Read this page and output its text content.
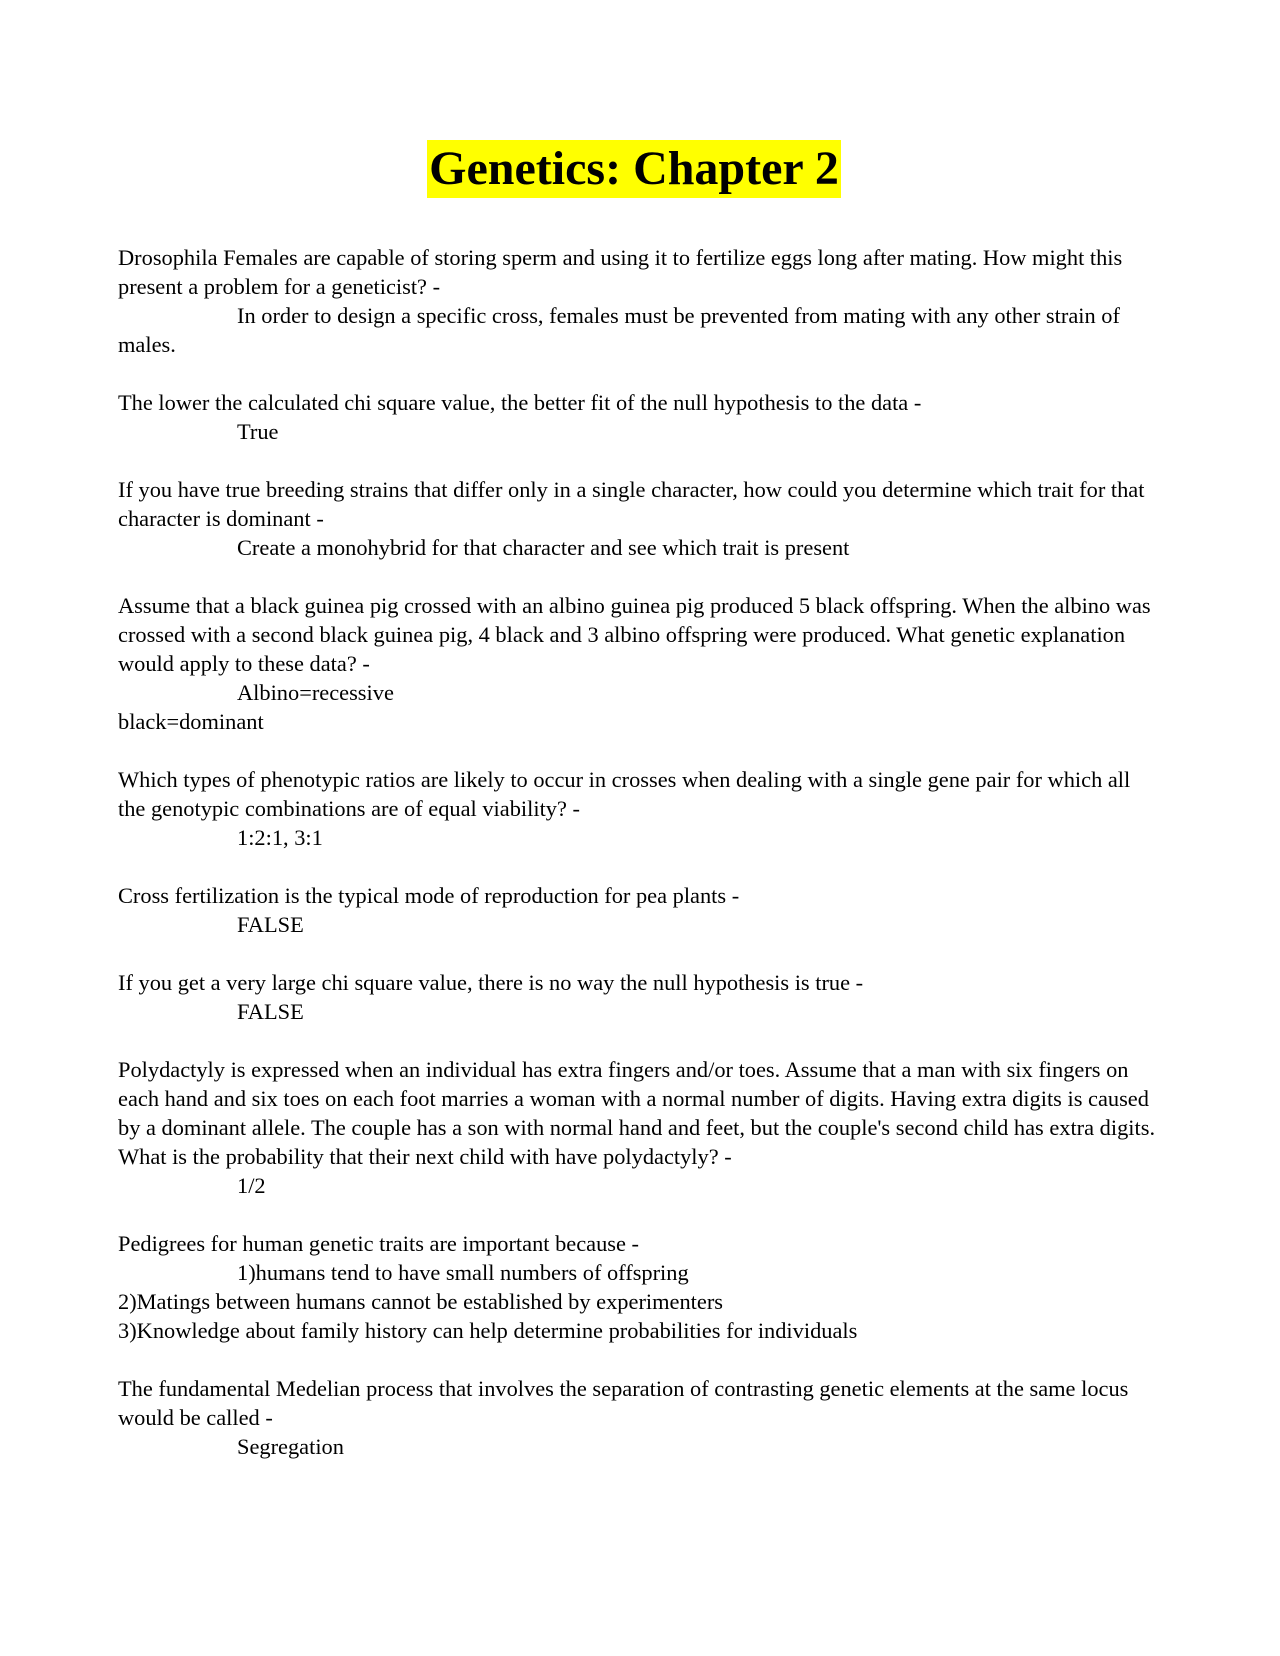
Genetics: Chapter 2
Drosophila Females are capable of storing sperm and using it to fertilize eggs long after mating. How might this present a problem for a geneticist? -
In order to design a specific cross, females must be prevented from mating with any other strain of males.
The lower the calculated chi square value, the better fit of the null hypothesis to the data -
True
If you have true breeding strains that differ only in a single character, how could you determine which trait for that character is dominant -
Create a monohybrid for that character and see which trait is present
Assume that a black guinea pig crossed with an albino guinea pig produced 5 black offspring. When the albino was crossed with a second black guinea pig, 4 black and 3 albino offspring were produced. What genetic explanation would apply to these data? -
Albino=recessive
black=dominant
Which types of phenotypic ratios are likely to occur in crosses when dealing with a single gene pair for which all the genotypic combinations are of equal viability? -
1:2:1, 3:1
Cross fertilization is the typical mode of reproduction for pea plants -
FALSE
If you get a very large chi square value, there is no way the null hypothesis is true -
FALSE
Polydactyly is expressed when an individual has extra fingers and/or toes. Assume that a man with six fingers on each hand and six toes on each foot marries a woman with a normal number of digits. Having extra digits is caused by a dominant allele. The couple has a son with normal hand and feet, but the couple's second child has extra digits. What is the probability that their next child with have polydactyly? -
1/2
Pedigrees for human genetic traits are important because -
1)humans tend to have small numbers of offspring
2)Matings between humans cannot be established by experimenters
3)Knowledge about family history can help determine probabilities for individuals
The fundamental Medelian process that involves the separation of contrasting genetic elements at the same locus would be called -
Segregation
